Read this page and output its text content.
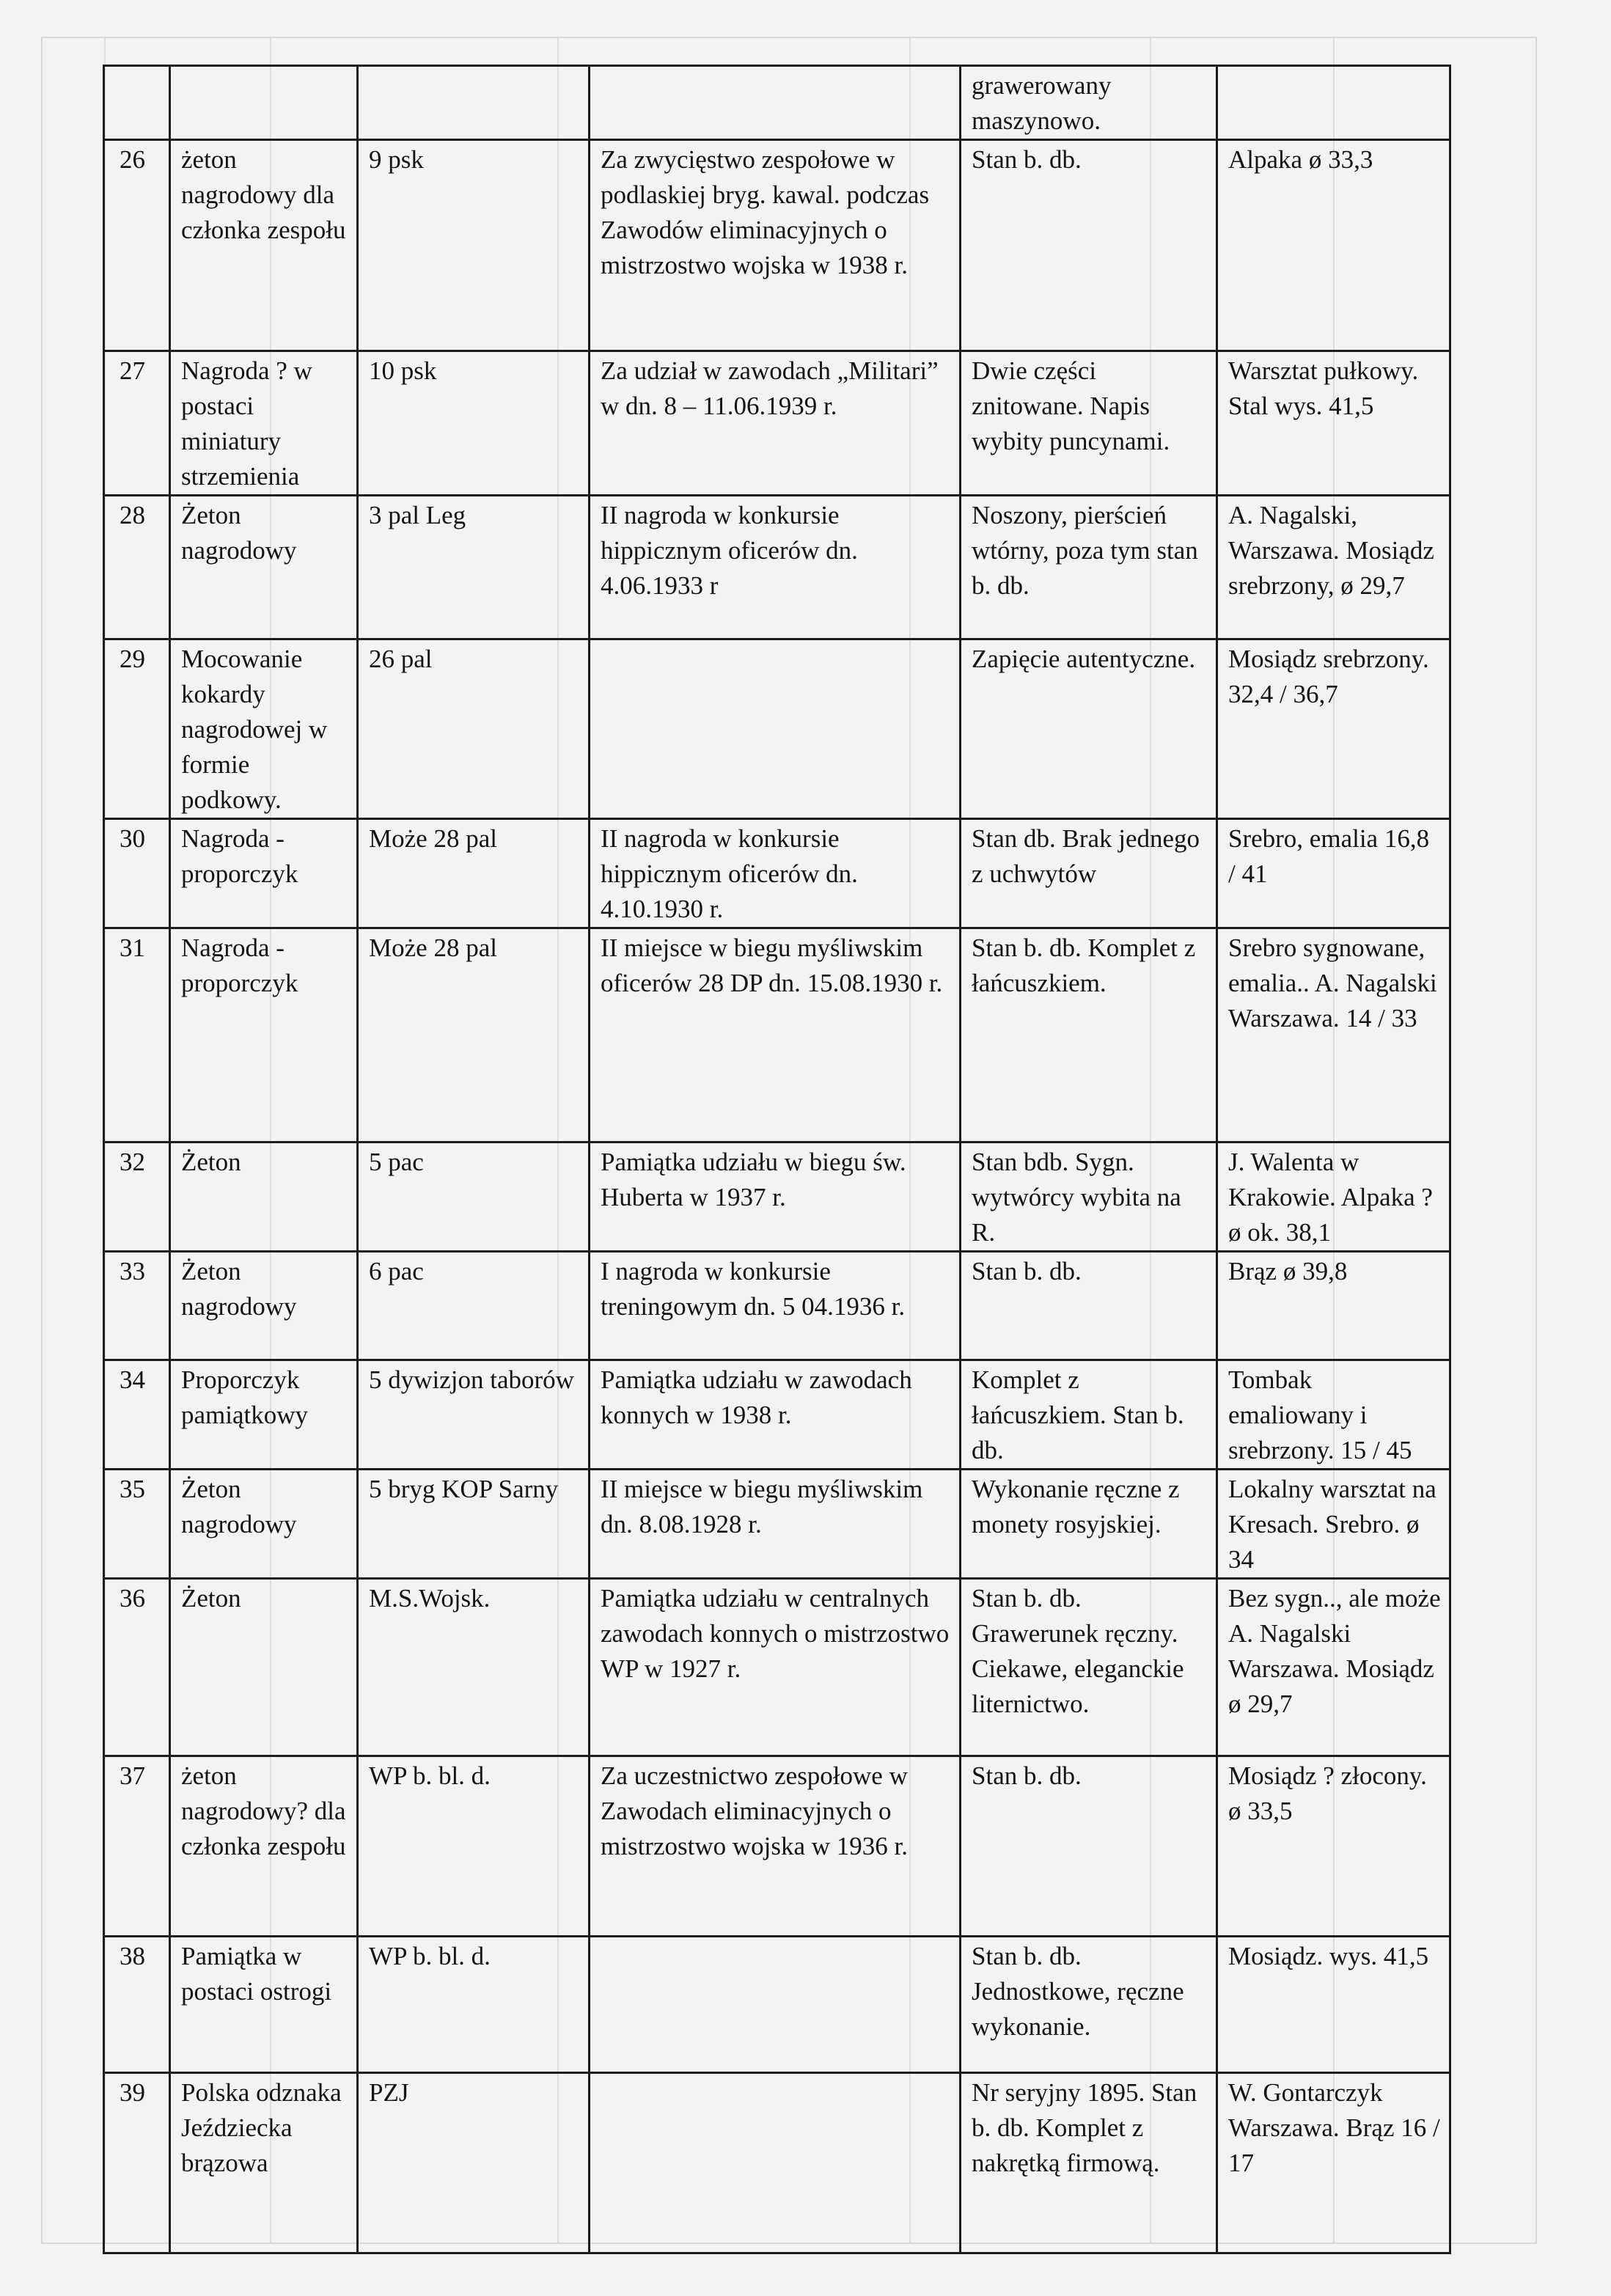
				grawerowany maszynowo.	
26	żeton nagrodowy dla członka zespołu	9 psk	Za zwycięstwo zespołowe w podlaskiej bryg. kawal. podczas Zawodów eliminacyjnych o mistrzostwo wojska w 1938 r.	Stan b. db.	Alpaka ø 33,3
27	Nagroda ? w postaci miniatury strzemienia	10 psk	Za udział w zawodach „Militari” w dn. 8 – 11.06.1939 r.	Dwie części znitowane. Napis wybity puncynami.	Warsztat pułkowy. Stal wys. 41,5
28	Żeton nagrodowy	3 pal Leg	II nagroda w konkursie hippicznym oficerów dn. 4.06.1933 r	Noszony, pierścień wtórny, poza tym stan b. db.	A. Nagalski, Warszawa. Mosiądz srebrzony, ø 29,7
29	Mocowanie kokardy nagrodowej w formie podkowy.	26 pal		Zapięcie autentyczne.	Mosiądz srebrzony. 32,4 / 36,7
30	Nagroda - proporczyk	Może 28 pal	II nagroda w konkursie hippicznym oficerów dn. 4.10.1930 r.	Stan db. Brak jednego z uchwytów	Srebro, emalia 16,8 / 41
31	Nagroda - proporczyk	Może 28 pal	II miejsce w biegu myśliwskim oficerów 28 DP dn. 15.08.1930 r.	Stan b. db. Komplet z łańcuszkiem.	Srebro sygnowane, emalia.. A. Nagalski Warszawa. 14 / 33
32	Żeton	5 pac	Pamiątka udziału w biegu św. Huberta w 1937 r.	Stan bdb. Sygn. wytwórcy wybita na R.	J. Walenta w Krakowie. Alpaka ? ø ok. 38,1
33	Żeton nagrodowy	6 pac	I nagroda w konkursie treningowym dn. 5 04.1936 r.	Stan b. db.	Brąz ø 39,8
34	Proporczyk pamiątkowy	5 dywizjon taborów	Pamiątka udziału w zawodach konnych w 1938 r.	Komplet z łańcuszkiem. Stan b. db.	Tombak emaliowany i srebrzony. 15 / 45
35	Żeton nagrodowy	5 bryg KOP Sarny	II miejsce w biegu myśliwskim dn. 8.08.1928 r.	Wykonanie ręczne z monety rosyjskiej.	Lokalny warsztat na Kresach. Srebro. ø 34
36	Żeton	M.S.Wojsk.	Pamiątka udziału w centralnych zawodach konnych o mistrzostwo WP w 1927 r.	Stan b. db. Grawerunek ręczny. Ciekawe, eleganckie liternictwo.	Bez sygn.., ale może A. Nagalski Warszawa. Mosiądz ø 29,7
37	żeton nagrodowy? dla członka zespołu	WP b. bl. d.	Za uczestnictwo zespołowe w Zawodach eliminacyjnych o mistrzostwo wojska w 1936 r.	Stan b. db.	Mosiądz ? złocony. ø 33,5
38	Pamiątka w postaci ostrogi	WP b. bl. d.		Stan b. db. Jednostkowe, ręczne wykonanie.	Mosiądz. wys. 41,5
39	Polska odznaka Jeździecka brązowa	PZJ		Nr seryjny 1895. Stan b. db. Komplet z nakrętką firmową.	W. Gontarczyk Warszawa. Brąz 16 / 17
